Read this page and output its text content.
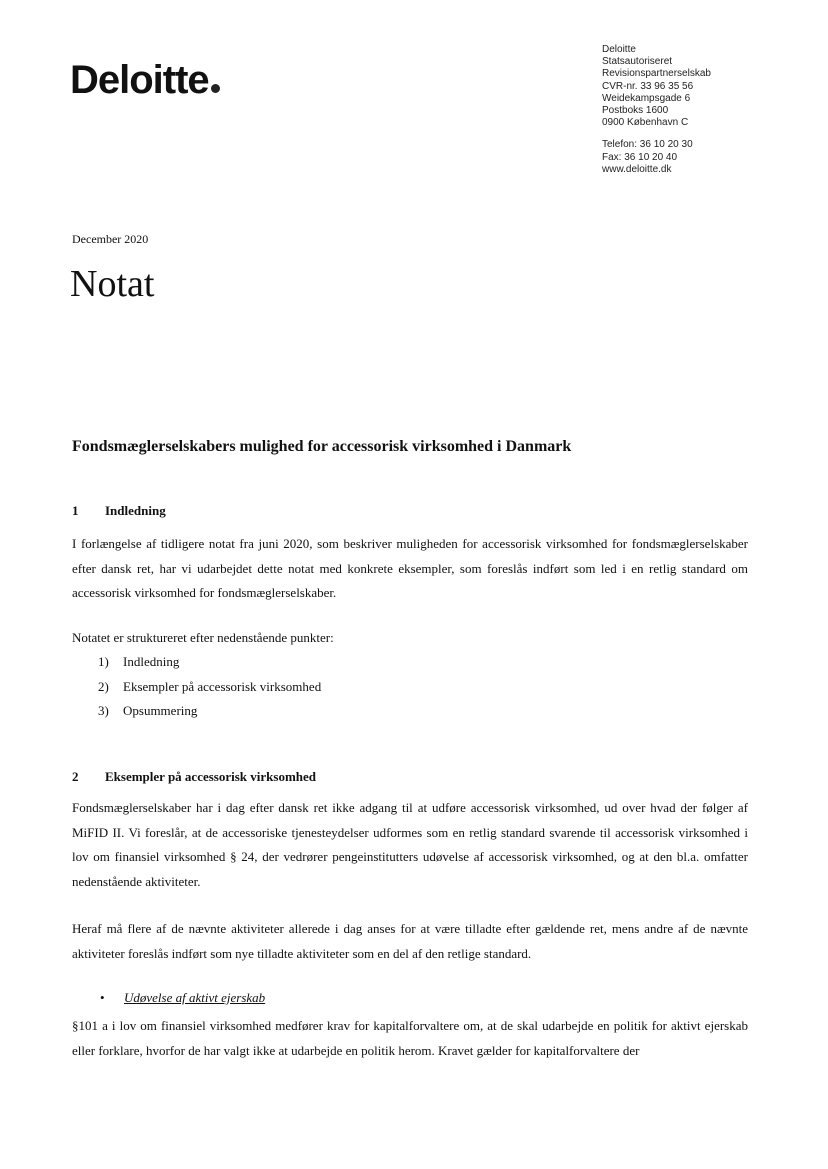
Deloitte
Deloitte
Statsautoriseret
Revisionspartnerselskab
CVR-nr. 33 96 35 56
Weidekampsgade 6
Postboks 1600
0900 København C
Telefon: 36 10 20 30
Fax: 36 10 20 40
www.deloitte.dk
December 2020
Notat
Fondsmæglerselskabers mulighed for accessorisk virksomhed i Danmark
1 Indledning
I forlængelse af tidligere notat fra juni 2020, som beskriver muligheden for accessorisk virksomhed for fondsmæglerselskaber efter dansk ret, har vi udarbejdet dette notat med konkrete eksempler, som foreslås indført som led i en retlig standard om accessorisk virksomhed for fondsmæglerselskaber.
Notatet er struktureret efter nedenstående punkter:
1) Indledning
2) Eksempler på accessorisk virksomhed
3) Opsummering
2 Eksempler på accessorisk virksomhed
Fondsmæglerselskaber har i dag efter dansk ret ikke adgang til at udføre accessorisk virksomhed, ud over hvad der følger af MiFID II. Vi foreslår, at de accessoriske tjenesteydelser udformes som en retlig standard svarende til accessorisk virksomhed i lov om finansiel virksomhed § 24, der vedrører pengeinstitutters udøvelse af accessorisk virksomhed, og at den bl.a. omfatter nedenstående aktiviteter.
Heraf må flere af de nævnte aktiviteter allerede i dag anses for at være tilladte efter gældende ret, mens andre af de nævnte aktiviteter foreslås indført som nye tilladte aktiviteter som en del af den retlige standard.
• Udøvelse af aktivt ejerskab
§101 a i lov om finansiel virksomhed medfører krav for kapitalforvaltere om, at de skal udarbejde en politik for aktivt ejerskab eller forklare, hvorfor de har valgt ikke at udarbejde en politik herom. Kravet gælder for kapitalforvaltere der
